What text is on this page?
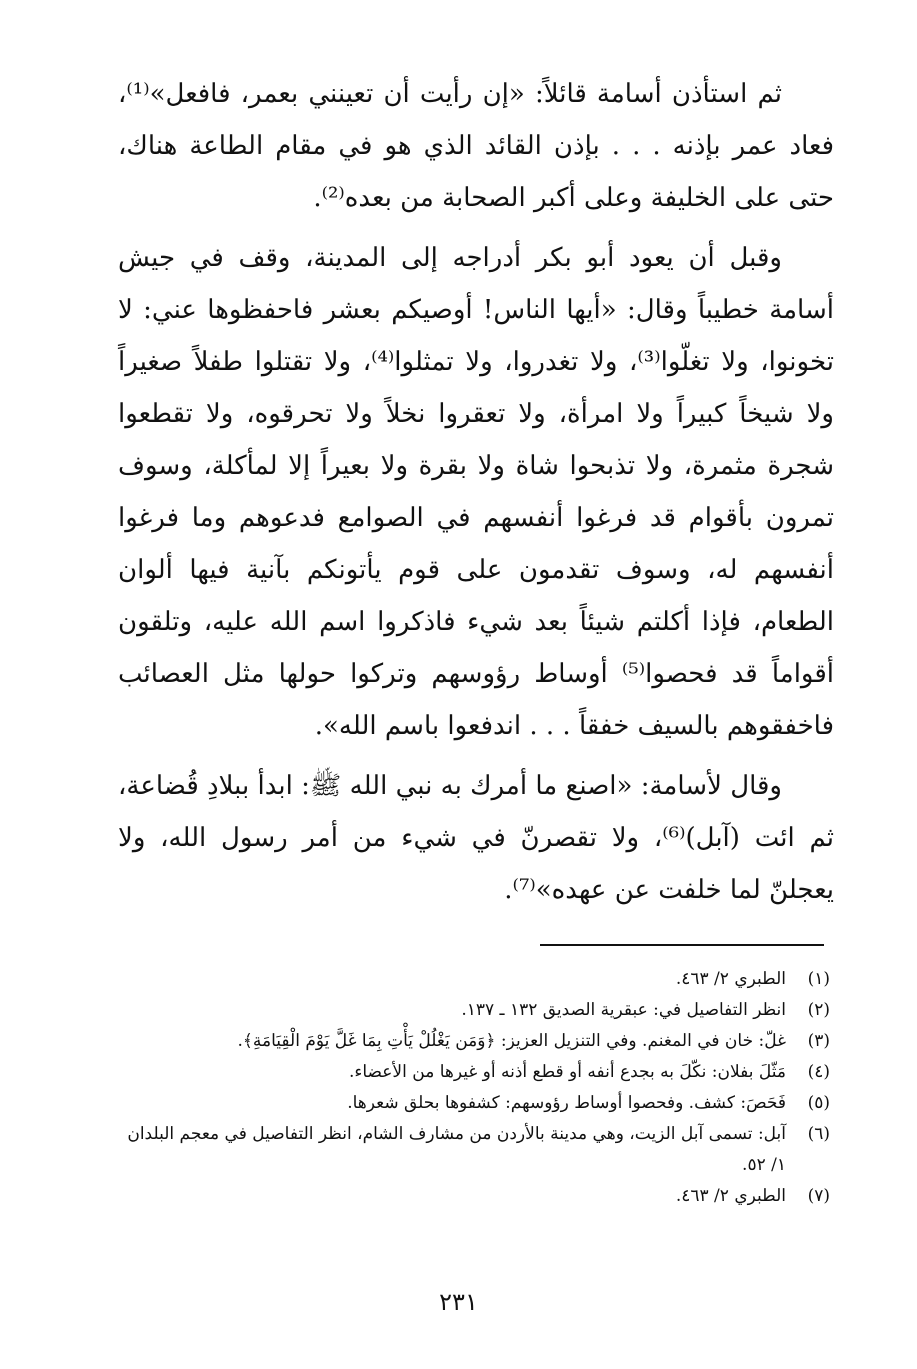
ثم استأذن أسامة قائلاً: «إن رأيت أن تعينني بعمر، فافعل»⁽¹⁾، فعاد عمر بإذنه . . . بإذن القائد الذي هو في مقام الطاعة هناك، حتى على الخليفة وعلى أكبر الصحابة من بعده⁽²⁾.

وقبل أن يعود أبو بكر أدراجه إلى المدينة، وقف في جيش أسامة خطيباً وقال: «أيها الناس! أوصيكم بعشر فاحفظوها عني: لا تخونوا، ولا تغلّوا⁽³⁾، ولا تغدروا، ولا تمثلوا⁽⁴⁾، ولا تقتلوا طفلاً صغيراً ولا شيخاً كبيراً ولا امرأة، ولا تعقروا نخلاً ولا تحرقوه، ولا تقطعوا شجرة مثمرة، ولا تذبحوا شاة ولا بقرة ولا بعيراً إلا لمأكلة، وسوف تمرون بأقوام قد فرغوا أنفسهم في الصوامع فدعوهم وما فرغوا أنفسهم له، وسوف تقدمون على قوم يأتونكم بآنية فيها ألوان الطعام، فإذا أكلتم شيئاً بعد شيء فاذكروا اسم الله عليه، وتلقون أقواماً قد فحصوا⁽⁵⁾ أوساط رؤوسهم وتركوا حولها مثل العصائب فاخفقوهم بالسيف خفقاً . . . اندفعوا باسم الله».

وقال لأسامة: «اصنع ما أمرك به نبي الله ﷺ: ابدأ ببلادِ قُضاعة، ثم ائت (آبل)⁽⁶⁾، ولا تقصرنّ في شيء من أمر رسول الله، ولا يعجلنّ لما خلفت عن عهده»⁽⁷⁾.

(١)
الطبري ٢/ ٤٦٣.
(٢)
انظر التفاصيل في: عبقرية الصديق ١٣٢ ـ ١٣٧.
(٣)
غلّ: خان في المغنم. وفي التنزيل العزيز: ﴿وَمَن يَغْلُلْ يَأْتِ بِمَا غَلَّ يَوْمَ الْقِيَامَةِ﴾.
(٤)
مَثّلَ بفلان: نكّلَ به بجدع أنفه أو قطع أذنه أو غيرها من الأعضاء.
(٥)
فَحَصَ: كشف. وفحصوا أوساط رؤوسهم: كشفوها بحلق شعرها.
(٦)
آبل: تسمى آبل الزيت، وهي مدينة بالأردن من مشارف الشام، انظر التفاصيل في معجم البلدان ١/ ٥٢.
(٧)
الطبري ٢/ ٤٦٣.
٢٣١
